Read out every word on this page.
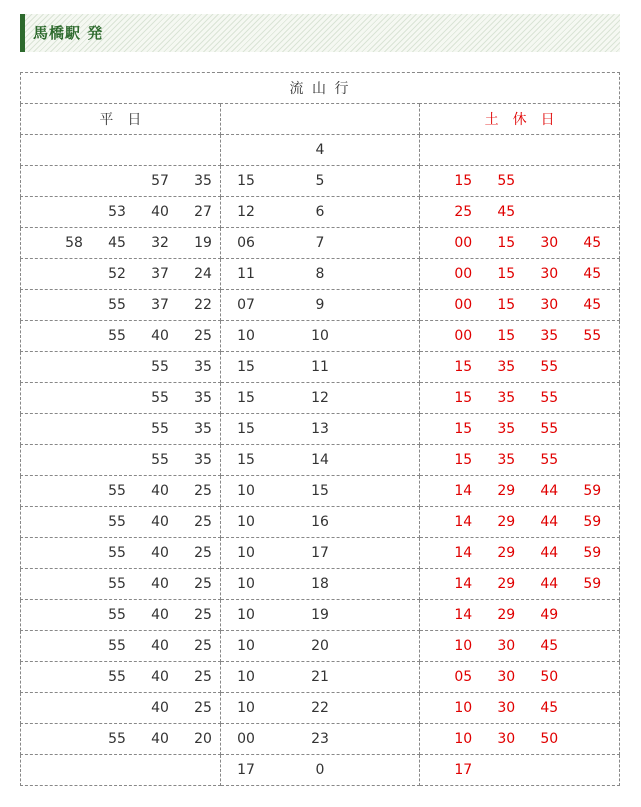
馬橋駅 発
流 山 行		
平　日		土　休　日

	4	

57 35 15	5	15 55

53 40 27 12	6	25 45

58 45 32 19 06	7	00 15 30 45

52 37 24 11	8	00 15 30 45

55 37 22 07	9	00 15 30 45

55 40 25 10	10	00 15 35 55

55 35 15	11	15 35 55

55 35 15	12	15 35 55

55 35 15	13	15 35 55

55 35 15	14	15 35 55

55 40 25 10	15	14 29 44 59

55 40 25 10	16	14 29 44 59

55 40 25 10	17	14 29 44 59

55 40 25 10	18	14 29 44 59

55 40 25 10	19	14 29 49

55 40 25 10	20	10 30 45

55 40 25 10	21	05 30 50

40 25 10	22	10 30 45

55 40 20 00	23	10 30 50

17	0	17
